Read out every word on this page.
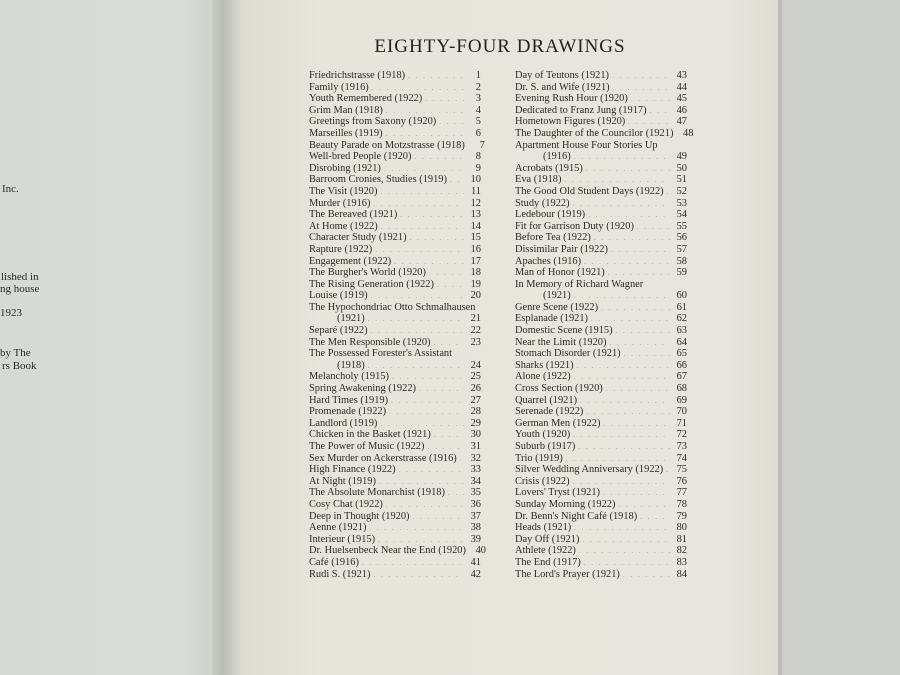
Inc.
lished in
ng house
1923
by The
rs Book
EIGHTY-FOUR DRAWINGS
Friedrichstrasse (1918) . . .	1
Family (1916) . . .	2
Youth Remembered (1922) . . .	3
Grim Man (1918) . . .	4
Greetings from Saxony (1920) . . .	5
Marseilles (1919) . . .	6
Beauty Parade on Motzstrasse (1918)	7
Well-bred People (1920) . . .	8
Disrobing (1921) . . .	9
Barroom Cronies, Studies (1919) . . .	10
The Visit (1920) . . .	11
Murder (1916) . . .	12
The Bereaved (1921) . . .	13
At Home (1922) . . .	14
Character Study (1921) . . .	15
Rapture (1922) . . .	16
Engagement (1922) . . .	17
The Burgher's World (1920) . . .	18
The Rising Generation (1922) . . .	19
Louise (1919) . . .	20
The Hypochondriac Otto Schmalhausen
(1921) . . .	21
Separé (1922) . . .	22
The Men Responsible (1920) . . .	23
The Possessed Forester's Assistant
(1918) . . .	24
Melancholy (1915) . . .	25
Spring Awakening (1922) . . .	26
Hard Times (1919) . . .	27
Promenade (1922) . . .	28
Landlord (1919) . . .	29
Chicken in the Basket (1921) . . .	30
The Power of Music (1922) . . .	31
Sex Murder on Ackerstrasse (1916) . . .	32
High Finance (1922) . . .	33
At Night (1919) . . .	34
The Absolute Monarchist (1918) . . .	35
Cosy Chat (1922) . . .	36
Deep in Thought (1920) . . .	37
Aenne (1921) . . .	38
Interieur (1915) . . .	39
Dr. Huelsenbeck Near the End (1920) 40
Café (1916) . . .	41
Rudi S. (1921) . . .	42
Day of Teutons (1921) . . .	43
Dr. S. and Wife (1921) . . .	44
Evening Rush Hour (1920) . . .	45
Dedicated to Franz Jung (1917) . . .	46
Hometown Figures (1920) . . .	47
The Daughter of the Councilor (1921) 48
Apartment House Four Stories Up
(1916) . . .	49
Acrobats (1915) . . .	50
Eva (1918) . . .	51
The Good Old Student Days (1922) . . .	52
Study (1922) . . .	53
Ledebour (1919) . . .	54
Fit for Garrison Duty (1920) . . .	55
Before Tea (1922) . . .	56
Dissimilar Pair (1922) . . .	57
Apaches (1916) . . .	58
Man of Honor (1921) . . .	59
In Memory of Richard Wagner
(1921) . . .	60
Genre Scene (1922) . . .	61
Esplanade (1921) . . .	62
Domestic Scene (1915) . . .	63
Near the Limit (1920) . . .	64
Stomach Disorder (1921) . . .	65
Sharks (1921) . . .	66
Alone (1922) . . .	67
Cross Section (1920) . . .	68
Quarrel (1921) . . .	69
Serenade (1922) . . .	70
German Men (1922) . . .	71
Youth (1920) . . .	72
Suburb (1917) . . .	73
Trio (1919) . . .	74
Silver Wedding Anniversary (1922) . . .	75
Crisis (1922) . . .	76
Lovers' Tryst (1921) . . .	77
Sunday Morning (1922) . . .	78
Dr. Benn's Night Café (1918) . . .	79
Heads (1921) . . .	80
Day Off (1921) . . .	81
Athlete (1922) . . .	82
The End (1917) . . .	83
The Lord's Prayer (1921) . . .	84
